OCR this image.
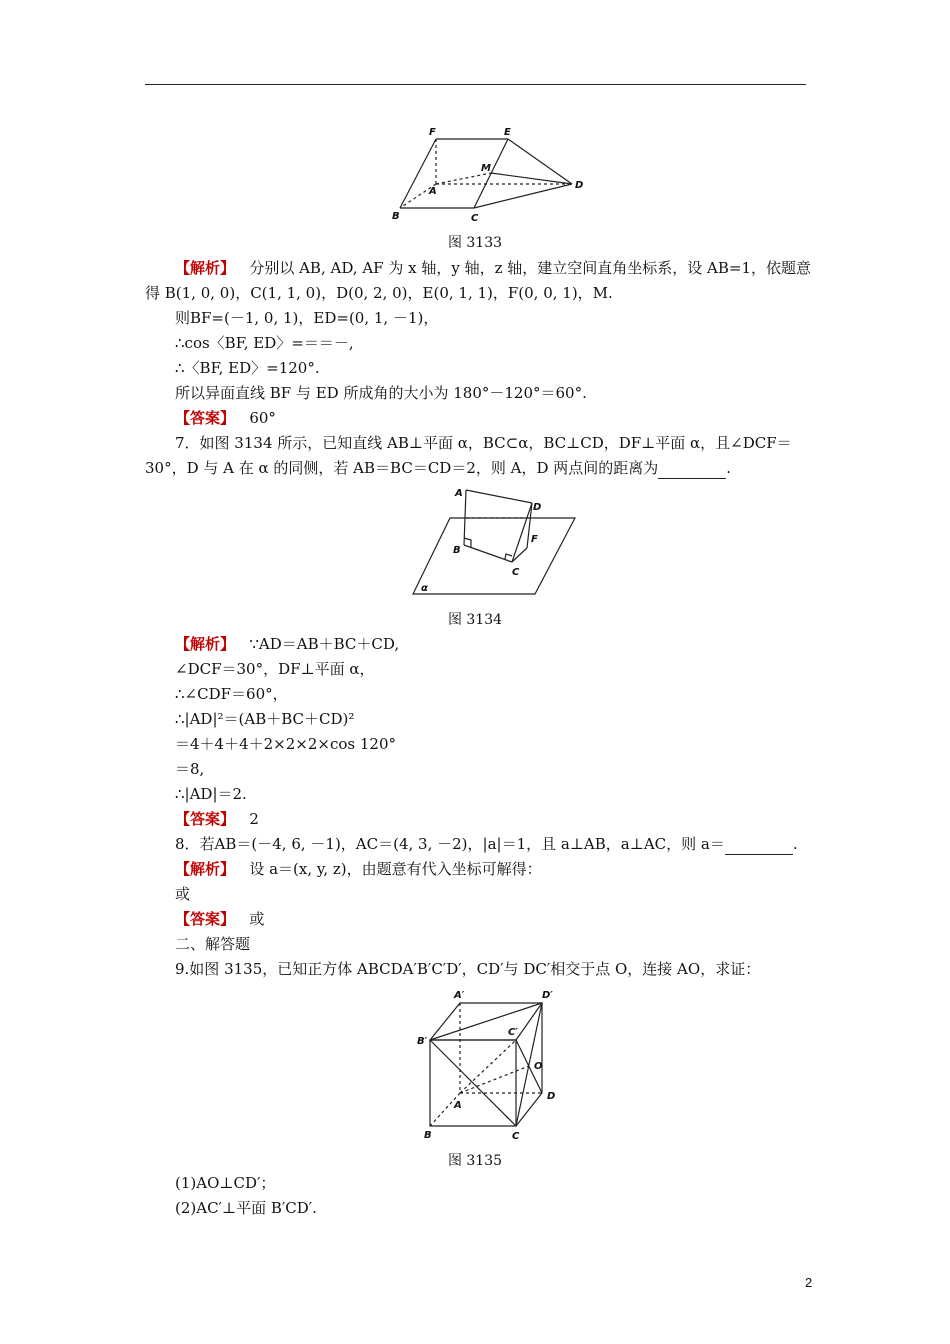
F	E
M
A
D
B	C
图 3133
【解析】 分别以 AB, AD, AF 为 x 轴，y 轴，z 轴，建立空间直角坐标系，设 AB=1，依题意
得 B(1, 0, 0)，C(1, 1, 0)，D(0, 2, 0)，E(0, 1, 1)，F(0, 0, 1)，M.
则BF=(－1, 0, 1)，ED=(0, 1, －1)，
∴cos〈BF, ED〉=＝＝－,
∴〈BF, ED〉=120°.
所以异面直线 BF 与 ED 所成角的大小为 180°－120°＝60°.
【答案】 60°
7．如图 3134 所示，已知直线 AB⊥平面 α，BC⊂α，BC⊥CD，DF⊥平面 α，且∠DCF＝
30°，D 与 A 在 α 的同侧，若 AB＝BC＝CD＝2，则 A，D 两点间的距离为	.
A
D
B
F
C
α
图 3134
【解析】 ∵AD＝AB＋BC＋CD,
∠DCF＝30°，DF⊥平面 α，
∴∠CDF＝60°，
∴|AD|²＝(AB＋BC＋CD)²
＝4＋4＋4＋2×2×2×cos 120°
＝8,
∴|AD|＝2.
【答案】 2
8．若AB＝(－4, 6, －1)，AC＝(4, 3, －2)，|a|＝1，且 a⊥AB，a⊥AC，则 a＝	.
【解析】 设 a＝(x, y, z)，由题意有代入坐标可解得：
或
【答案】 或
二、解答题
9.如图 3135，已知正方体 ABCDA′B′C′D′，CD′与 DC′相交于点 O，连接 AO，求证：
A′	D′
B′
C′
O
A
D
B	C
图 3135
(1)AO⊥CD′；
(2)AC′⊥平面 B′CD′.
2
